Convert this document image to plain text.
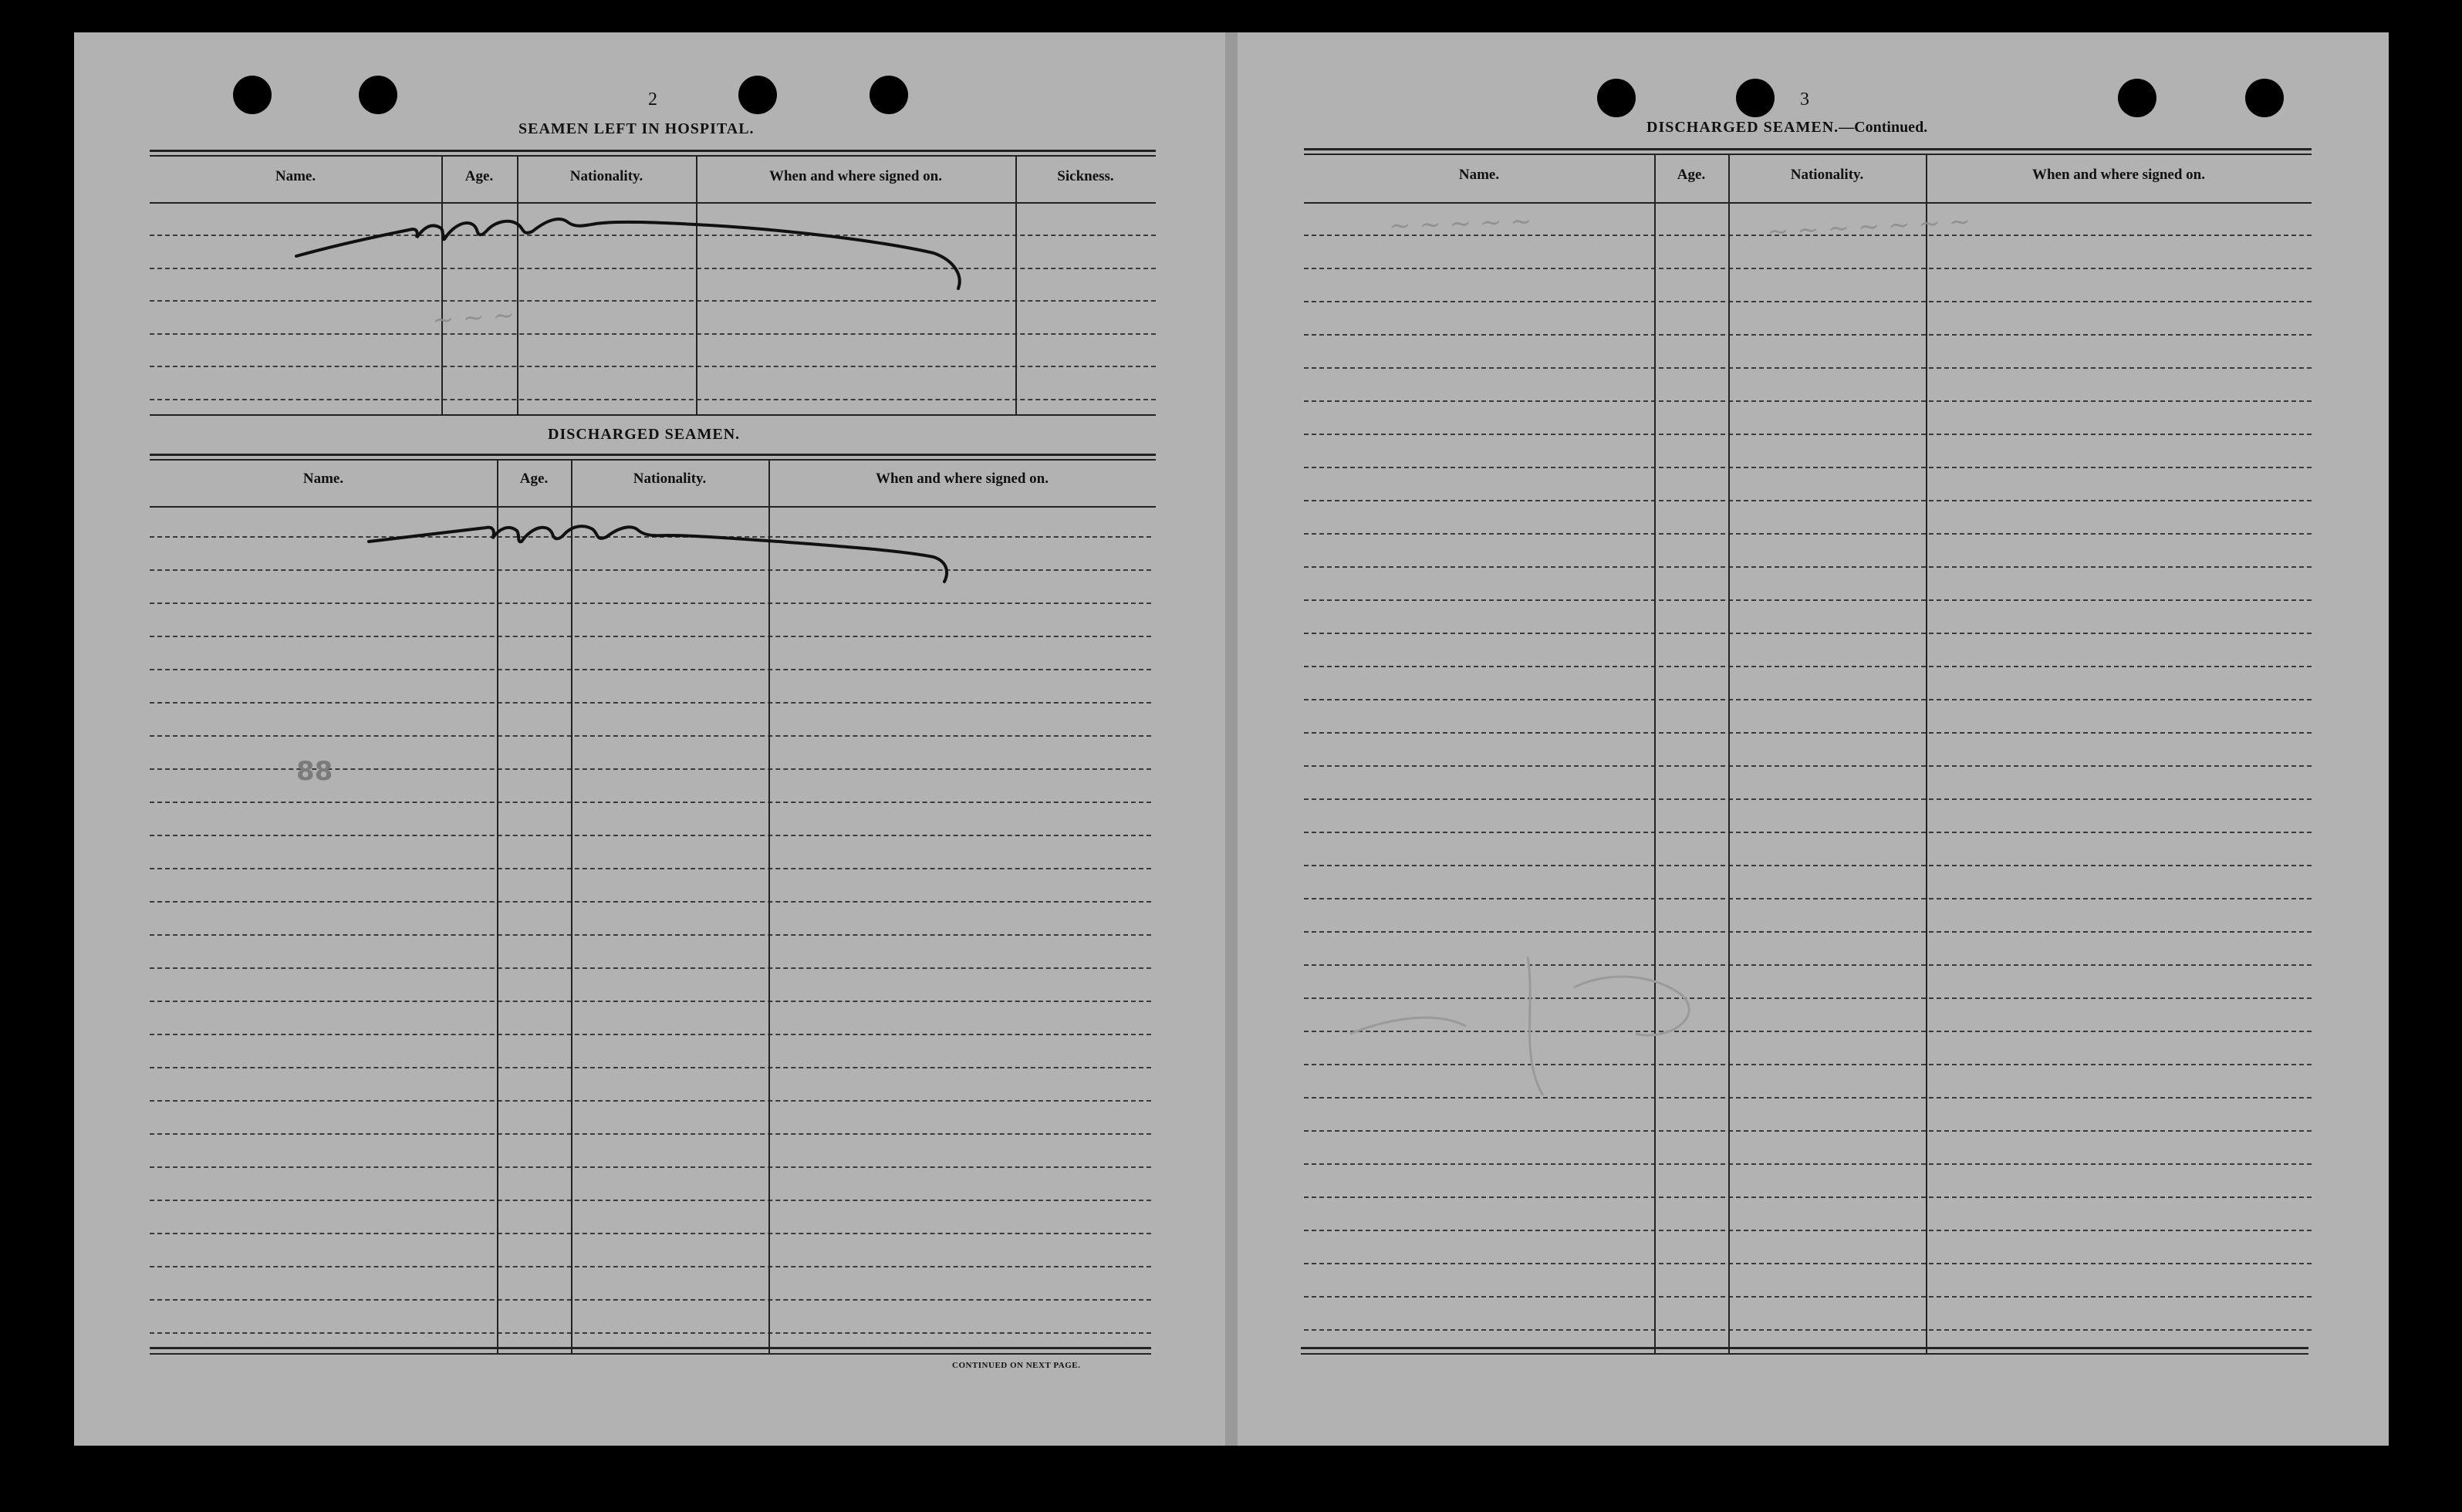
2
SEAMEN LEFT IN HOSPITAL.
Name.	Age.	Nationality.	When and where signed on.	Sickness.
~ ~ ~
DISCHARGED SEAMEN.
Name.	Age.	Nationality.	When and where signed on.
88
CONTINUED ON NEXT PAGE.
3
DISCHARGED SEAMEN.—Continued.
Name.	Age.	Nationality.	When and where signed on.
~ ~ ~ ~ ~	~ ~ ~ ~ ~ ~ ~
